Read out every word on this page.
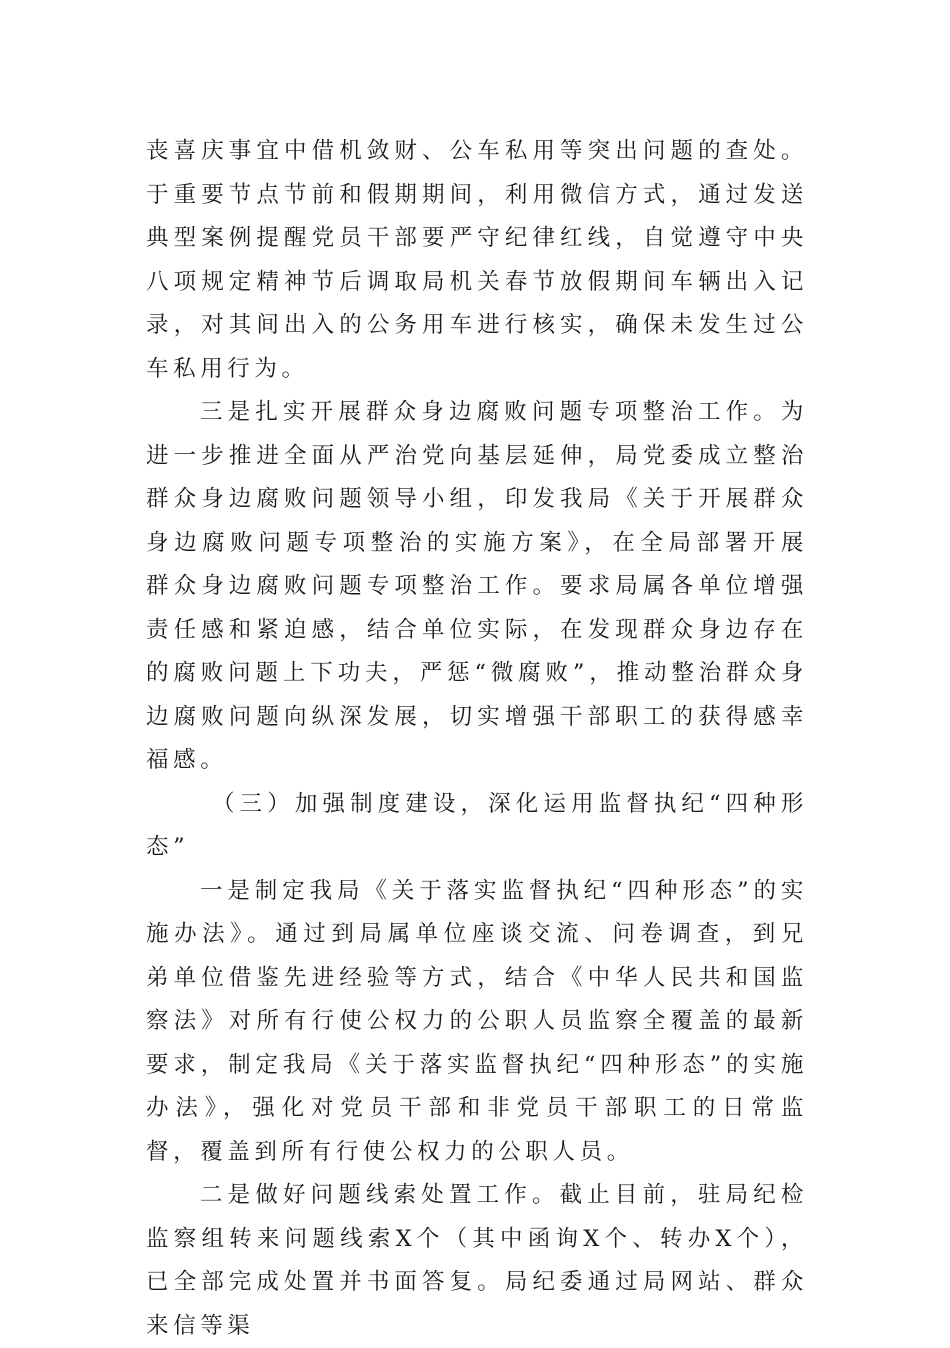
丧喜庆事宜中借机敛财、公车私用等突出问题的查处。于重要节点节前和假期期间，利用微信方式，通过发送典型案例提醒党员干部要严守纪律红线，自觉遵守中央八项规定精神节后调取局机关春节放假期间车辆出入记录，对其间出入的公务用车进行核实，确保未发生过公车私用行为。

三是扎实开展群众身边腐败问题专项整治工作。为进一步推进全面从严治党向基层延伸，局党委成立整治群众身边腐败问题领导小组，印发我局《关于开展群众身边腐败问题专项整治的实施方案》，在全局部署开展群众身边腐败问题专项整治工作。要求局属各单位增强责任感和紧迫感，结合单位实际，在发现群众身边存在的腐败问题上下功夫，严惩“微腐败”，推动整治群众身边腐败问题向纵深发展，切实增强干部职工的获得感幸福感。

（三）加强制度建设，深化运用监督执纪“四种形态”

一是制定我局《关于落实监督执纪“四种形态”的实施办法》。通过到局属单位座谈交流、问卷调查，到兄弟单位借鉴先进经验等方式，结合《中华人民共和国监察法》对所有行使公权力的公职人员监察全覆盖的最新要求，制定我局《关于落实监督执纪“四种形态”的实施办法》，强化对党员干部和非党员干部职工的日常监督，覆盖到所有行使公权力的公职人员。

二是做好问题线索处置工作。截止目前，驻局纪检监察组转来问题线索X个（其中函询X个、转办X个），已全部完成处置并书面答复。局纪委通过局网站、群众来信等渠
